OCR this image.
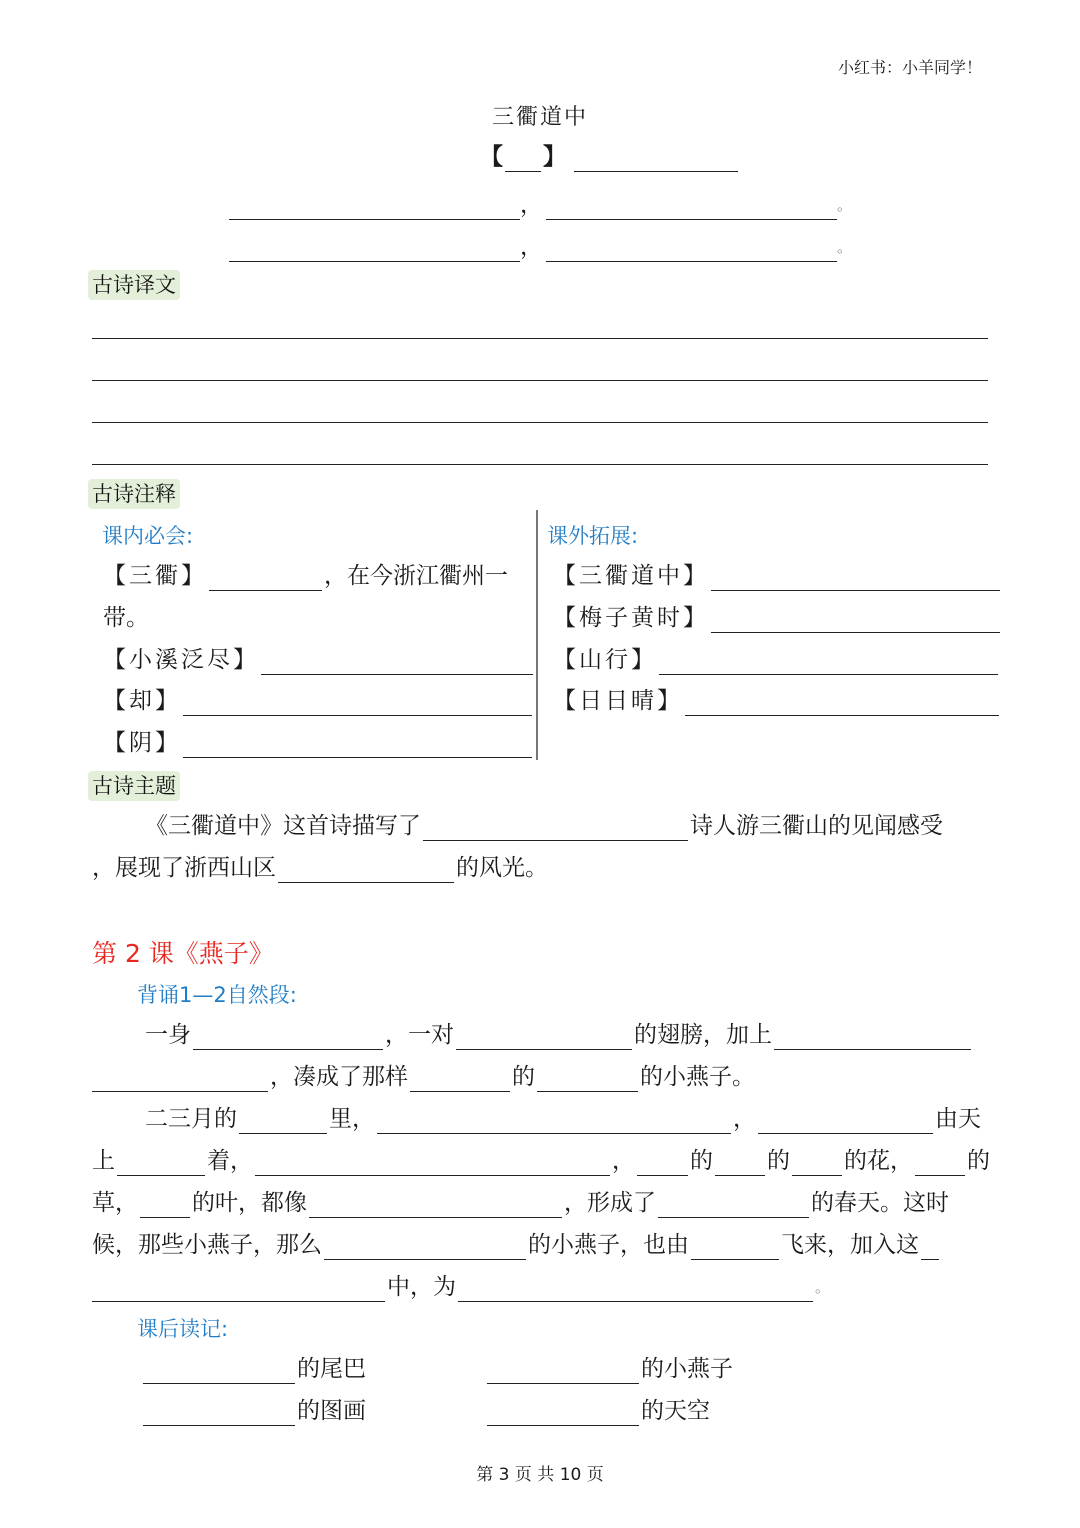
小红书：小羊同学！
三衢道中
【 】
，	。
，	。
古诗译文
古诗注释
课内必会:
【三衢】	，在今浙江衢州一
带。
【小溪泛尽】
【却】
【阴】
课外拓展:
【三衢道中】
【梅子黄时】
【山行】
【日日晴】
古诗主题
《三衢道中》这首诗描写了	诗人游三衢山的见闻感受
，展现了浙西山区	的风光。
第 2 课《燕子》
背诵1—2自然段:
一身	，一对	的翅膀，加上
，凑成了那样	的	的小燕子。
二三月的	里，	，	由天
上	着，	， 的 的 的花， 的
草， 的叶，都像	，形成了	的春天。这时
候，那些小燕子，那么	的小燕子，也由	飞来，加入这
中，为	。
课后读记:
的尾巴	的小燕子
的图画	的天空
第 3 页 共 10 页
